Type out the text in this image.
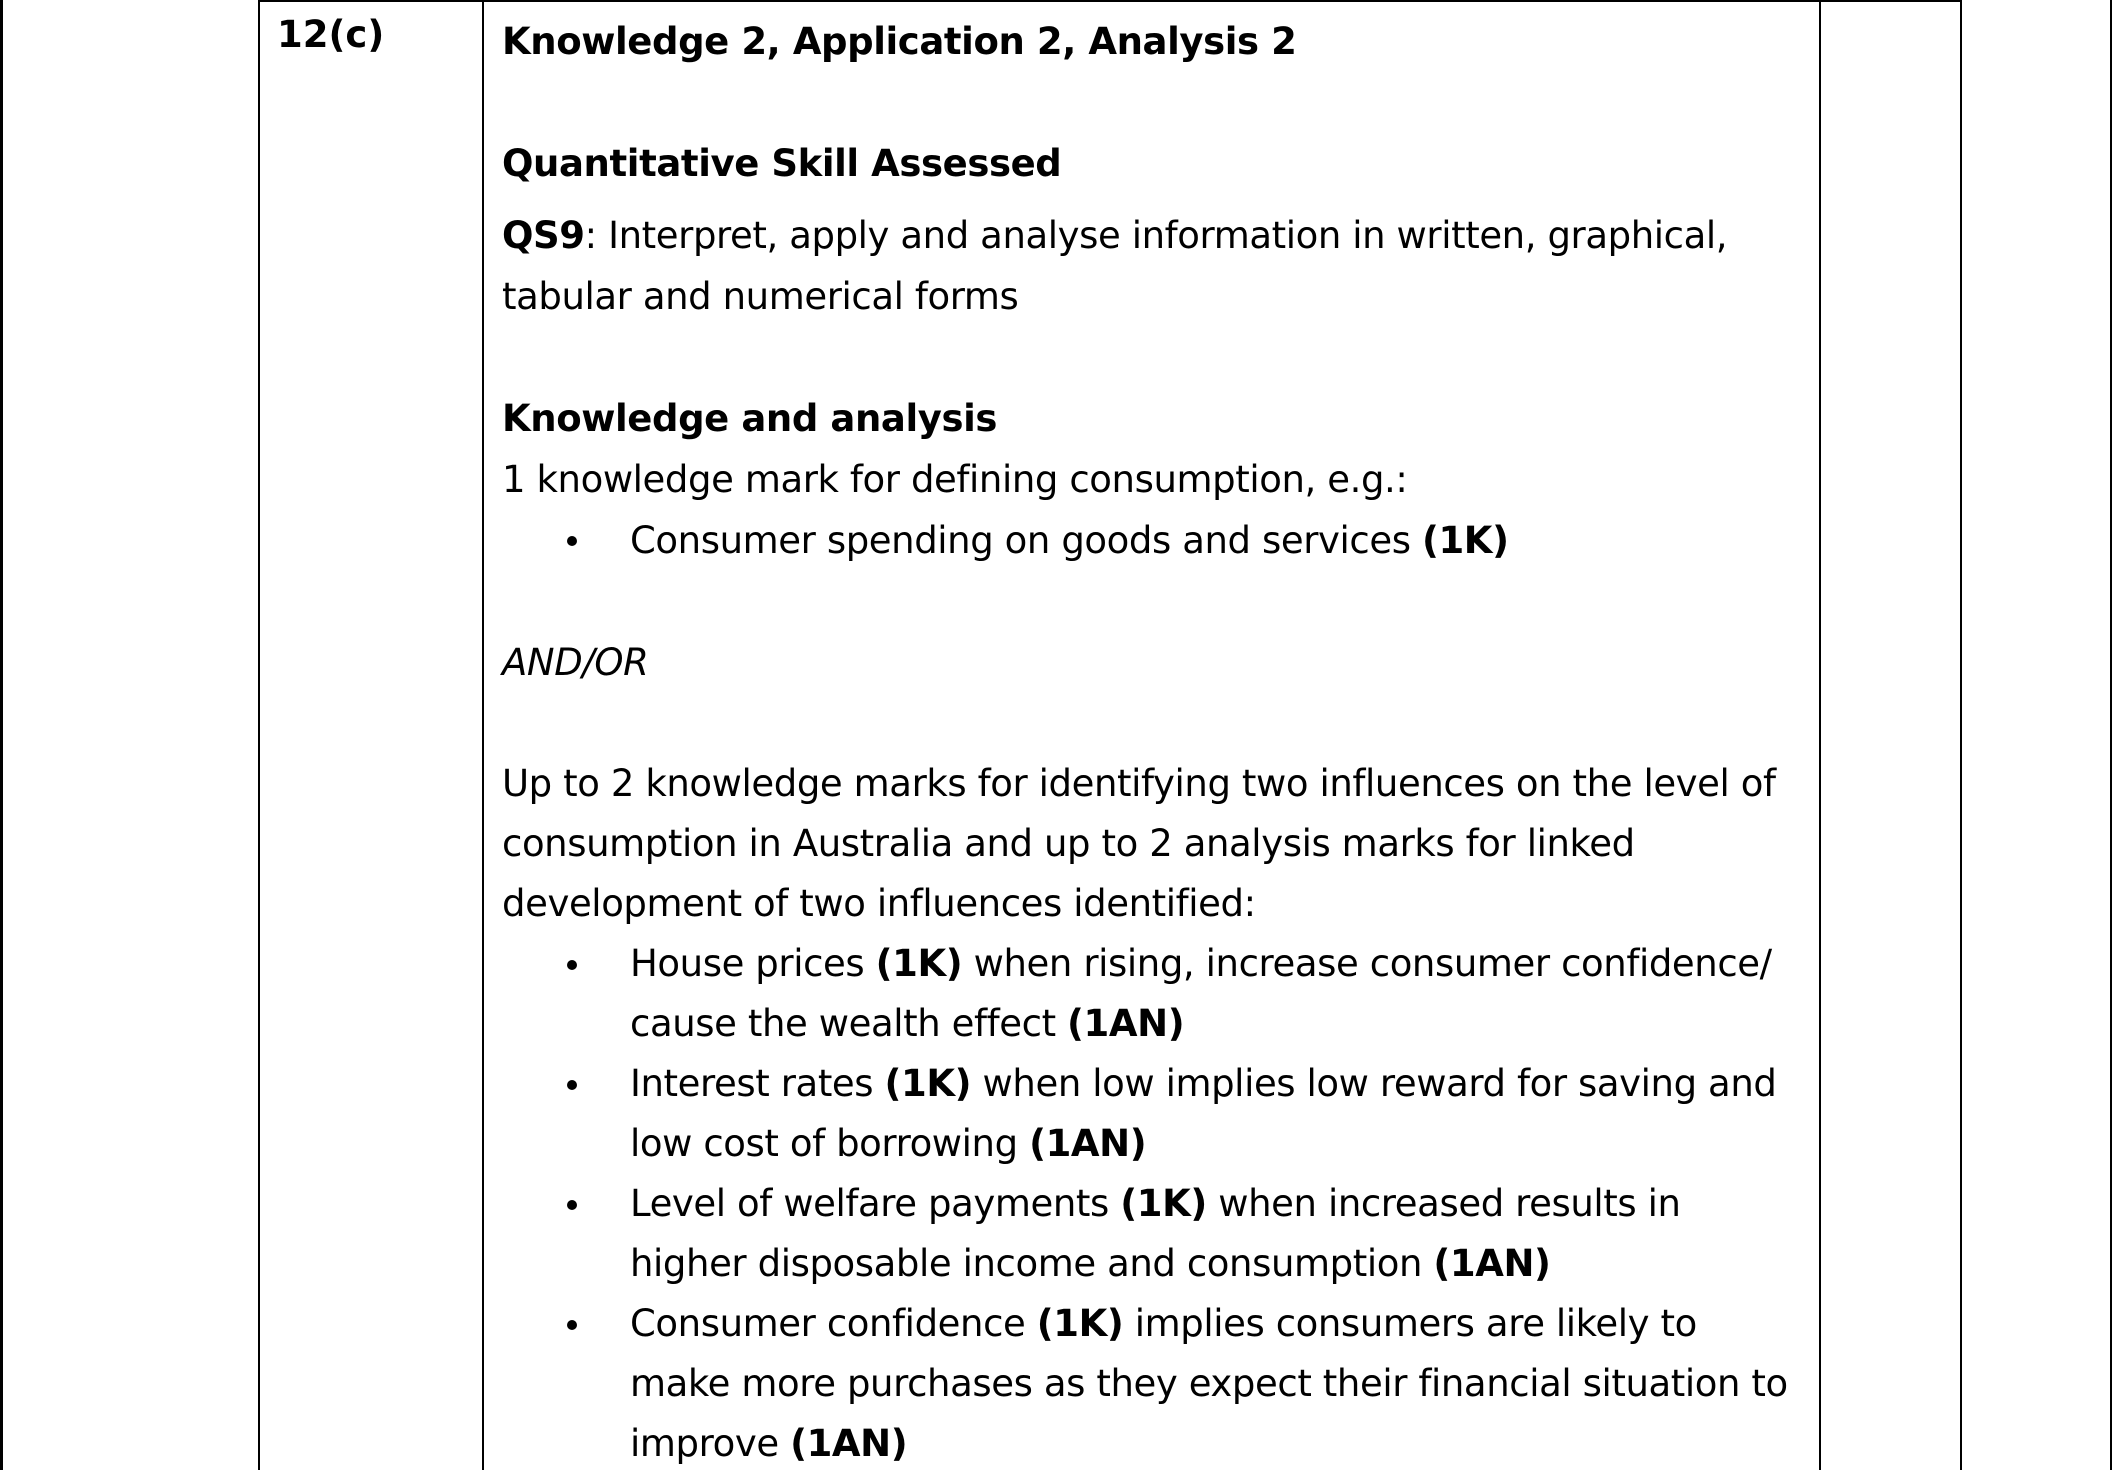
12(c)	Knowledge 2, Application 2, Analysis 2

Quantitative Skill Assessed

QS9: Interpret, apply and analyse information in written, graphical, tabular and numerical forms

Knowledge and analysis

1 knowledge mark for defining consumption, e.g.:

Consumer spending on goods and services (1K)

AND/OR

Up to 2 knowledge marks for identifying two influences on the level of consumption in Australia and up to 2 analysis marks for linked development of two influences identified:

House prices (1K) when rising, increase consumer confidence/ cause the wealth effect (1AN)
Interest rates (1K) when low implies low reward for saving and low cost of borrowing (1AN)
Level of welfare payments (1K) when increased results in higher disposable income and consumption (1AN)
Consumer confidence (1K) implies consumers are likely to make more purchases as they expect their financial situation to improve (1AN)
